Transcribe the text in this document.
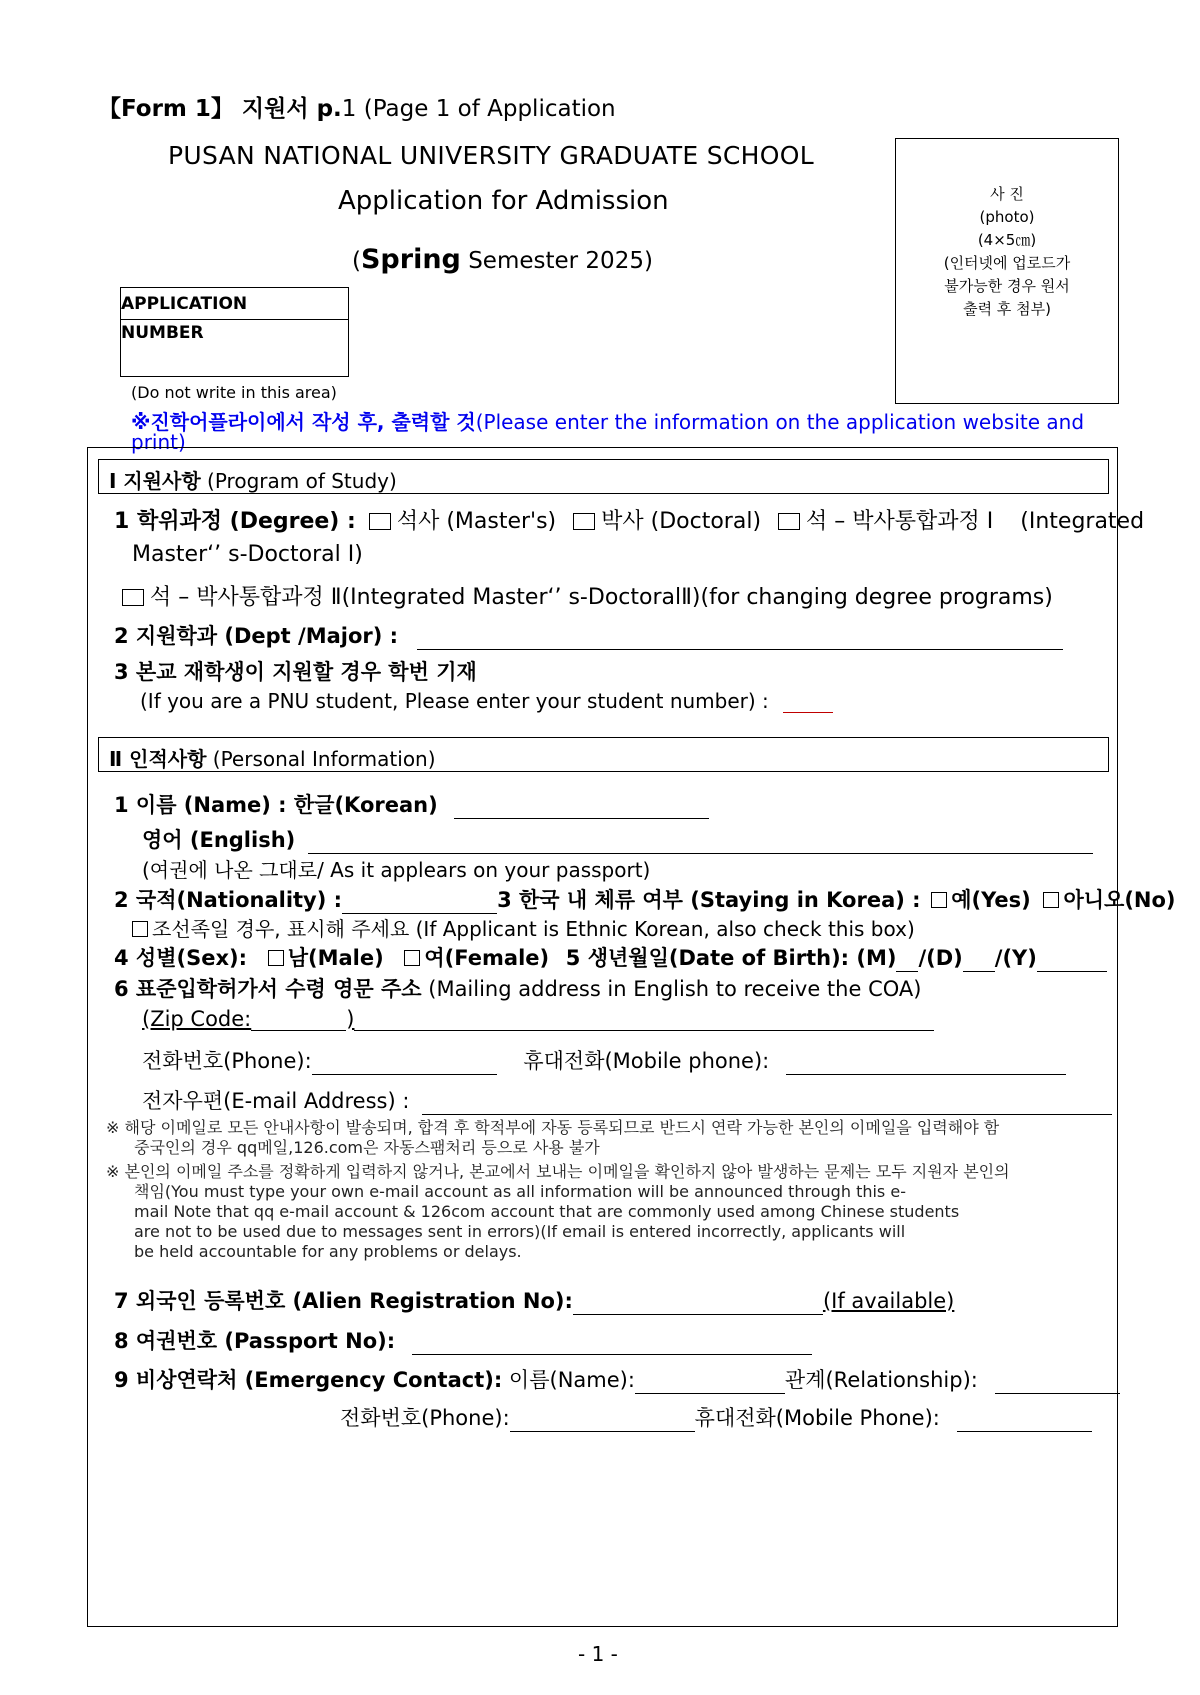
【Form 1】 지원서 p.1 (Page 1 of Application
PUSAN NATIONAL UNIVERSITY GRADUATE SCHOOL
Application for Admission
(Spring Semester 2025)
APPLICATION
NUMBER
(Do not write in this area)
사 진
(photo)
(4×5㎝)
(인터넷에 업로드가
불가능한 경우 원서
출력 후 첨부)
※진학어플라이에서 작성 후, 출력할 것(Please enter the information on the application website and
print)
Ⅰ 지원사항 (Program of Study)
1 학위과정 (Degree) : 석사 (Master's) 박사 (Doctoral) 석 – 박사통합과정 Ⅰ (Integrated
Master‘’ s-Doctoral Ⅰ)
석 – 박사통합과정 Ⅱ(Integrated Master‘’ s-DoctoralⅡ)(for changing degree programs)
2 지원학과 (Dept /Major) :
3 본교 재학생이 지원할 경우 학번 기재
(If you are a PNU student, Please enter your student number) :
Ⅱ 인적사항 (Personal Information)
1 이름 (Name) : 한글(Korean)
영어 (English)
(여권에 나온 그대로/ As it applears on your passport)
2 국적(Nationality) :	3 한국 내 체류 여부 (Staying in Korea) : 예(Yes) 아니오(No)
조선족일 경우, 표시해 주세요 (If Applicant is Ethnic Korean, also check this box)
4 성별(Sex): 남(Male) 여(Female) 5 생년월일(Date of Birth): (M) /(D) /(Y)
6 표준입학허가서 수령 영문 주소 (Mailing address in English to receive the COA)
(Zip Code:	)
전화번호(Phone):	휴대전화(Mobile phone):
전자우편(E-mail Address) :
※ 해당 이메일로 모든 안내사항이 발송되며, 합격 후 학적부에 자동 등록되므로 반드시 연락 가능한 본인의 이메일을 입력해야 함
중국인의 경우 qq메일,126.com은 자동스팸처리 등으로 사용 불가
※ 본인의 이메일 주소를 정확하게 입력하지 않거나, 본교에서 보내는 이메일을 확인하지 않아 발생하는 문제는 모두 지원자 본인의
책임(You must type your own e-mail account as all information will be announced through this e-
mail Note that qq e-mail account & 126com account that are commonly used among Chinese students
are not to be used due to messages sent in errors)(If email is entered incorrectly, applicants will
be held accountable for any problems or delays.
7 외국인 등록번호 (Alien Registration No):	(If available)
8 여권번호 (Passport No):
9 비상연락처 (Emergency Contact): 이름(Name):	관계(Relationship):
전화번호(Phone):	휴대전화(Mobile Phone):
- 1 -
